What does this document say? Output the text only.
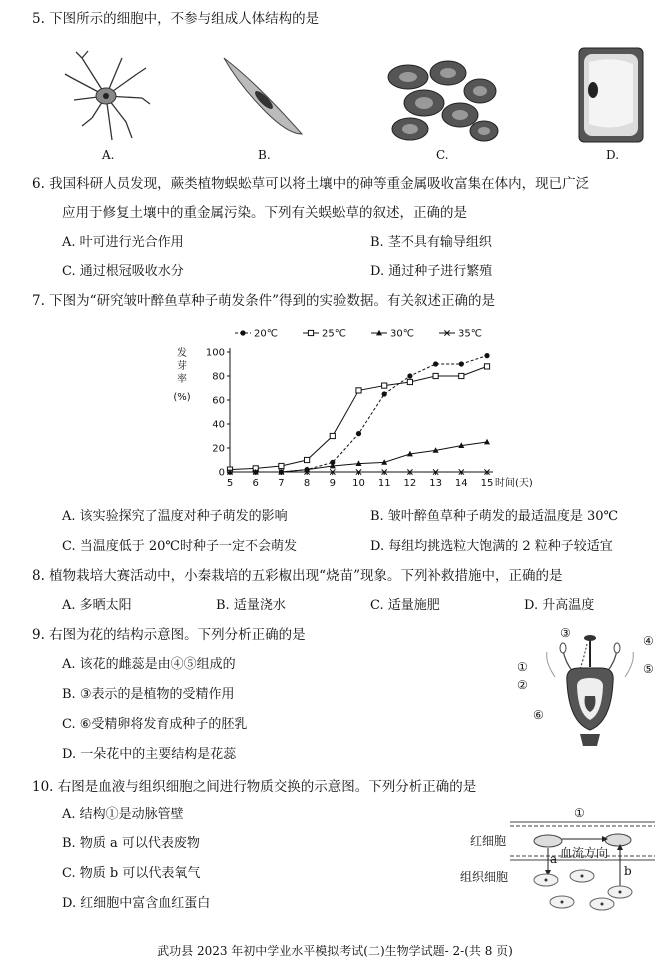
5. 下图所示的细胞中，不参与组成人体结构的是
A.	B.	C.	D.
6. 我国科研人员发现，蕨类植物蜈蚣草可以将土壤中的砷等重金属吸收富集在体内，现已广泛
应用于修复土壤中的重金属污染。下列有关蜈蚣草的叙述，正确的是
A. 叶可进行光合作用	B. 茎不具有输导组织
C. 通过根冠吸收水分	D. 通过种子进行繁殖
7. 下图为“研究皱叶醉鱼草种子萌发条件”得到的实验数据。有关叙述正确的是
0
20
40
60
80
100
5 6 7 8 9 10 11 12 13 14 15 时间(天)
发
芽
率
(%)
20℃	25℃	30℃	35℃
A. 该实验探究了温度对种子萌发的影响	B. 皱叶醉鱼草种子萌发的最适温度是 30℃
C. 当温度低于 20℃时种子一定不会萌发	D. 每组均挑选粒大饱满的 2 粒种子较适宜
8. 植物栽培大赛活动中，小秦栽培的五彩椒出现“烧苗”现象。下列补救措施中，正确的是
A. 多晒太阳	B. 适量浇水	C. 适量施肥	D. 升高温度
9. 右图为花的结构示意图。下列分析正确的是
A. 该花的雌蕊是由④⑤组成的
B. ③表示的是植物的受精作用
C. ⑥受精卵将发育成种子的胚乳
D. 一朵花中的主要结构是花蕊
③
④
①	⑤
②
⑥
10. 右图是血液与组织细胞之间进行物质交换的示意图。下列分析正确的是
A. 结构①是动脉管壁
B. 物质 a 可以代表废物
C. 物质 b 可以代表氧气
D. 红细胞中富含血红蛋白
①
红细胞
血流方向
a
b
组织细胞
武功县 2023 年初中学业水平模拟考试(二)生物学试题- 2-(共 8 页)
